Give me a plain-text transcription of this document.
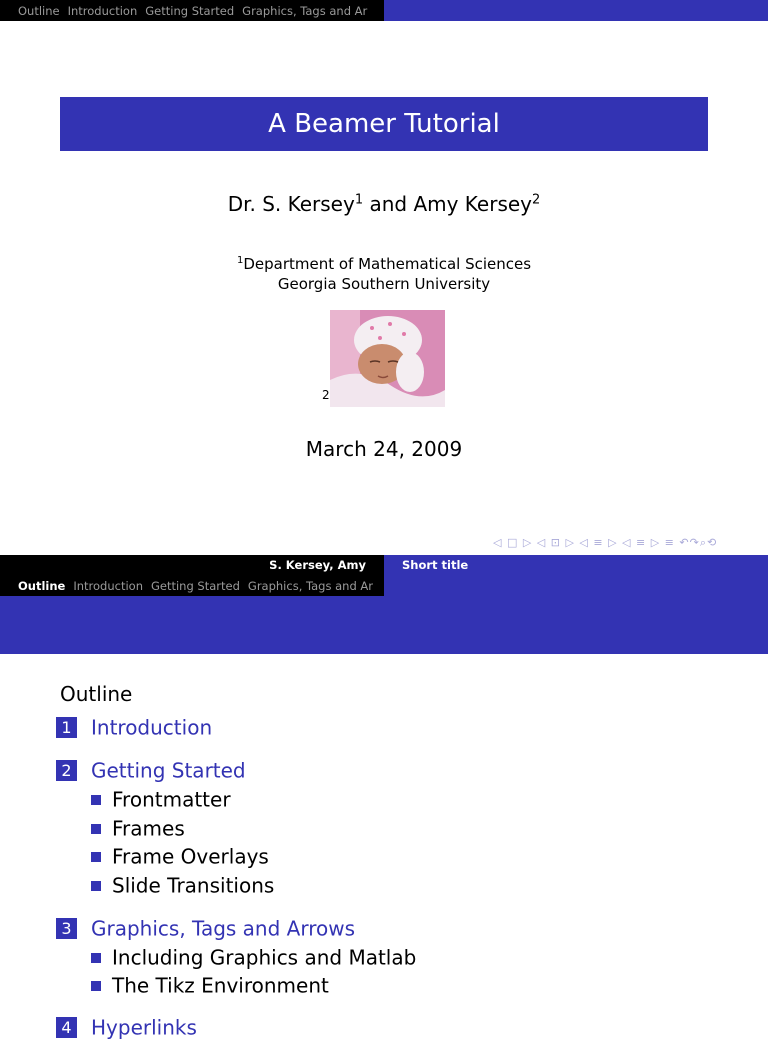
Outline Introduction Getting Started Graphics, Tags and Ar
A Beamer Tutorial
Dr. S. Kersey$^1$ and Amy Kersey$^2$
$^1$Department of Mathematical Sciences
Georgia Southern University
2
March 24, 2009
◁ □ ▷ ◁ ⊡ ▷ ◁ ≡ ▷ ◁ ≡ ▷ ≡ ↶↷⌕⟲
S. Kersey, Amy	Short title
Outline Introduction Getting Started Graphics, Tags and Ar
Outline
1 Introduction
2 Getting Started
Frontmatter
Frames
Frame Overlays
Slide Transitions
3 Graphics, Tags and Arrows
Including Graphics and Matlab
The Tikz Environment
4 Hyperlinks
